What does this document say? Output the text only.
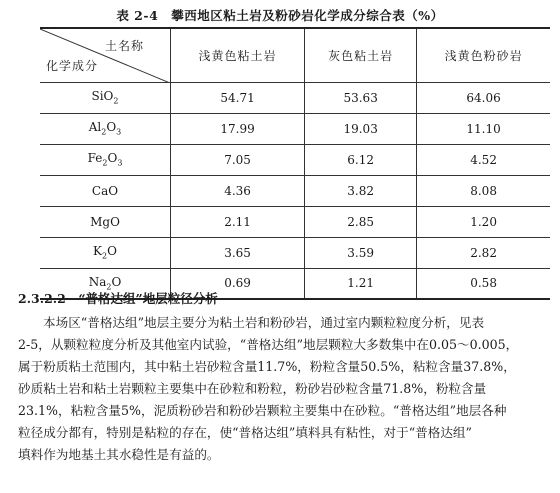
表 2-4　攀西地区粘土岩及粉砂岩化学成分综合表（%）
土名称
化学成分	浅黄色粘土岩	灰色粘土岩	浅黄色粉砂岩
SiO$_2$	54.71	53.63	64.06
$Al_2O_3$	17.99	19.03	11.10
$Fe_2O_3$	7.05	6.12	4.52
CaO	4.36	3.82	8.08
MgO	2.11	2.85	1.20
$K_2O$	3.65	3.59	2.82
$Na_2O$	0.69	1.21	0.58
2.3.2.2　“普格达组”地层粒径分析
本场区“普格达组”地层主要分为粘土岩和粉砂岩，通过室内颗粒粒度分析，见表
2-5，从颗粒粒度分析及其他室内试验，“普格达组”地层颗粒大多数集中在0.05～0.005，
属于粉质粘土范围内，其中粘土岩砂粒含量11.7%，粉粒含量50.5%，粘粒含量37.8%，
砂质粘土岩和粘土岩颗粒主要集中在砂粒和粉粒，粉砂岩砂粒含量71.8%，粉粒含量
23.1%，粘粒含量5%，泥质粉砂岩和粉砂岩颗粒主要集中在砂粒。“普格达组”地层各种
粒径成分都有，特别是粘粒的存在，使“普格达组”填料具有粘性，对于“普格达组”
填料作为地基土其水稳性是有益的。
